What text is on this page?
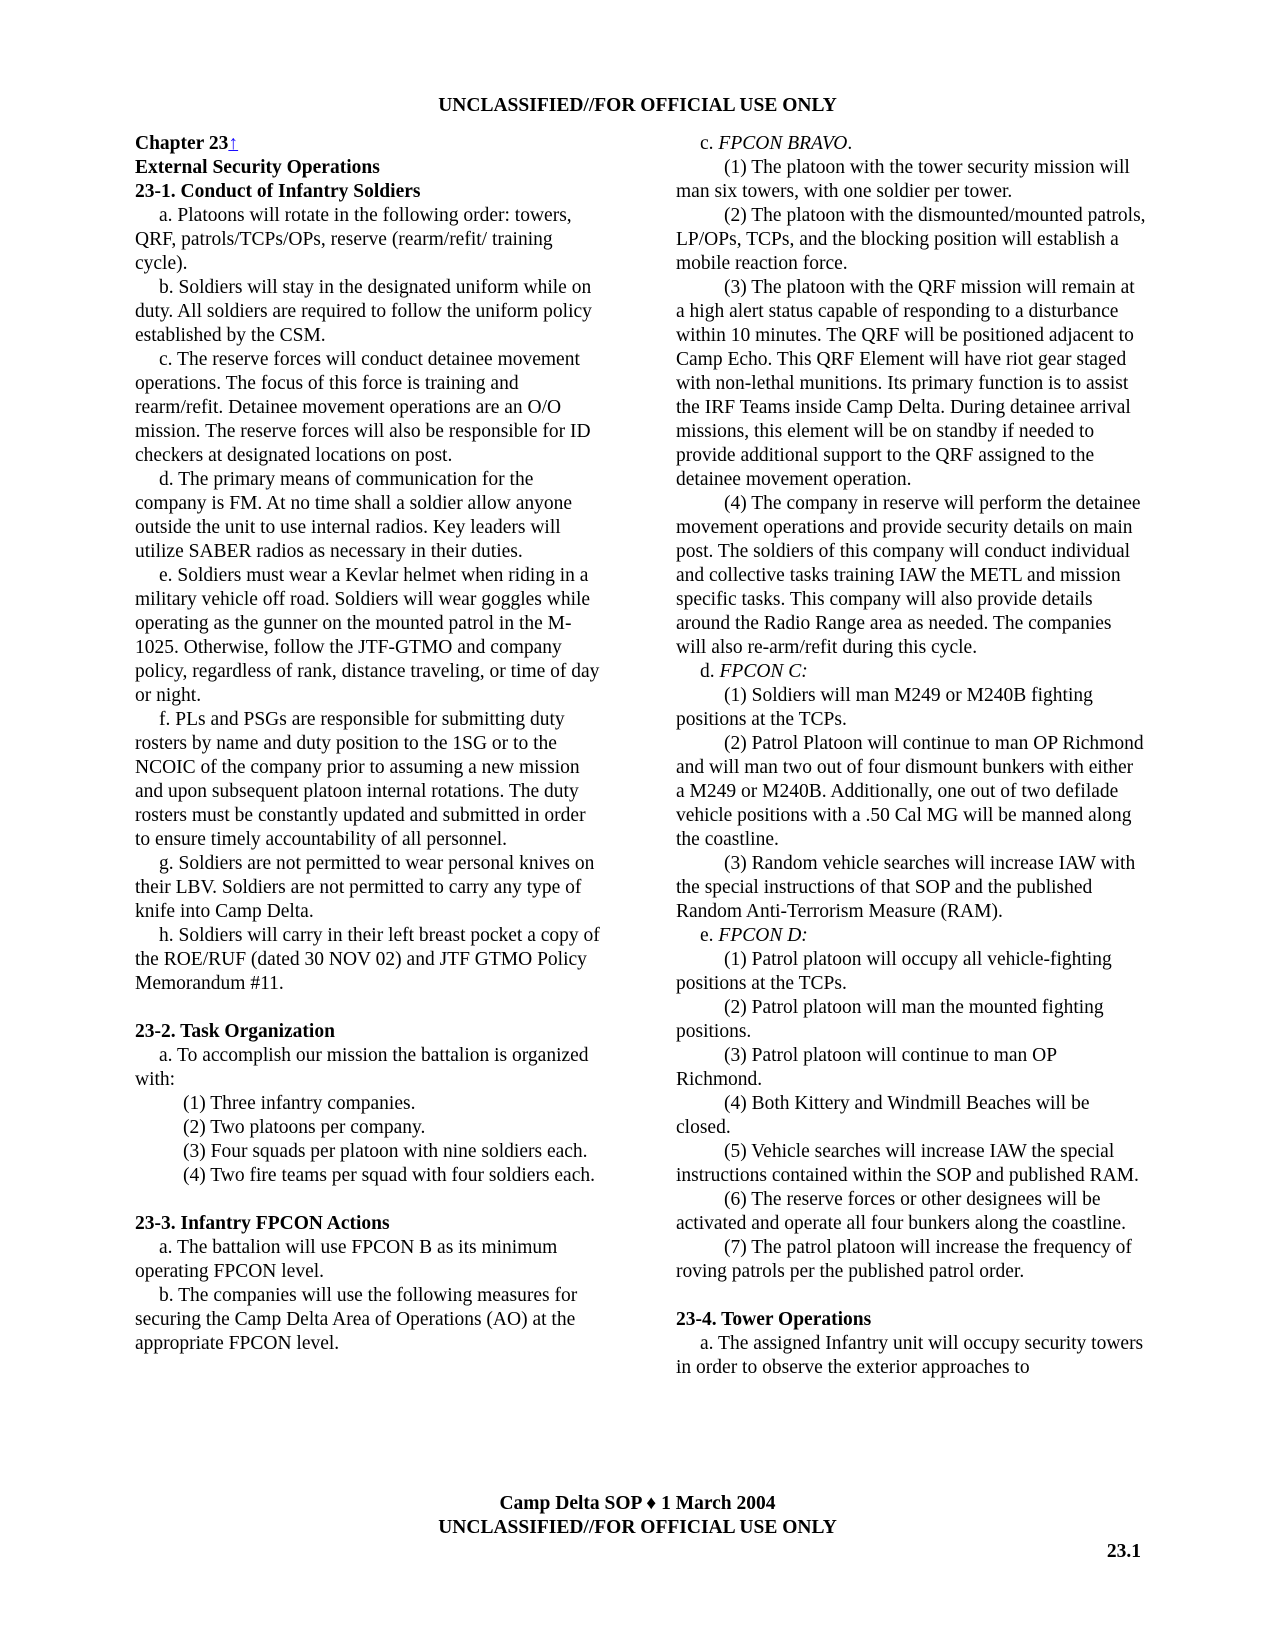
UNCLASSIFIED//FOR OFFICIAL USE ONLY
Chapter 23↑
External Security Operations
23-1. Conduct of Infantry Soldiers

a. Platoons will rotate in the following order: towers, QRF, patrols/TCPs/OPs, reserve (rearm/refit/ training cycle).

b. Soldiers will stay in the designated uniform while on duty. All soldiers are required to follow the uniform policy established by the CSM.

c. The reserve forces will conduct detainee movement operations. The focus of this force is training and rearm/refit. Detainee movement operations are an O/O mission. The reserve forces will also be responsible for ID checkers at designated locations on post.

d. The primary means of communication for the company is FM. At no time shall a soldier allow anyone outside the unit to use internal radios. Key leaders will utilize SABER radios as necessary in their duties.

e. Soldiers must wear a Kevlar helmet when riding in a military vehicle off road. Soldiers will wear goggles while operating as the gunner on the mounted patrol in the M-1025. Otherwise, follow the JTF-GTMO and company policy, regardless of rank, distance traveling, or time of day or night.

f. PLs and PSGs are responsible for submitting duty rosters by name and duty position to the 1SG or to the NCOIC of the company prior to assuming a new mission and upon subsequent platoon internal rotations. The duty rosters must be constantly updated and submitted in order to ensure timely accountability of all personnel.

g. Soldiers are not permitted to wear personal knives on their LBV. Soldiers are not permitted to carry any type of knife into Camp Delta.

h. Soldiers will carry in their left breast pocket a copy of the ROE/RUF (dated 30 NOV 02) and JTF GTMO Policy Memorandum #11.

23-2. Task Organization

a. To accomplish our mission the battalion is organized with:

(1) Three infantry companies.

(2) Two platoons per company.

(3) Four squads per platoon with nine soldiers each.

(4) Two fire teams per squad with four soldiers each.

23-3. Infantry FPCON Actions

a. The battalion will use FPCON B as its minimum operating FPCON level.

b. The companies will use the following measures for securing the Camp Delta Area of Operations (AO) at the appropriate FPCON level.

c. FPCON BRAVO.

(1) The platoon with the tower security mission will man six towers, with one soldier per tower.

(2) The platoon with the dismounted/mounted patrols, LP/OPs, TCPs, and the blocking position will establish a mobile reaction force.

(3) The platoon with the QRF mission will remain at a high alert status capable of responding to a disturbance within 10 minutes. The QRF will be positioned adjacent to Camp Echo. This QRF Element will have riot gear staged with non-lethal munitions. Its primary function is to assist the IRF Teams inside Camp Delta. During detainee arrival missions, this element will be on standby if needed to provide additional support to the QRF assigned to the detainee movement operation.

(4) The company in reserve will perform the detainee movement operations and provide security details on main post. The soldiers of this company will conduct individual and collective tasks training IAW the METL and mission specific tasks. This company will also provide details around the Radio Range area as needed. The companies will also re-arm/refit during this cycle.

d. FPCON C:

(1) Soldiers will man M249 or M240B fighting positions at the TCPs.

(2) Patrol Platoon will continue to man OP Richmond and will man two out of four dismount bunkers with either a M249 or M240B. Additionally, one out of two defilade vehicle positions with a .50 Cal MG will be manned along the coastline.

(3) Random vehicle searches will increase IAW with the special instructions of that SOP and the published Random Anti-Terrorism Measure (RAM).

e. FPCON D:

(1) Patrol platoon will occupy all vehicle-fighting positions at the TCPs.

(2) Patrol platoon will man the mounted fighting positions.

(3) Patrol platoon will continue to man OP Richmond.

(4) Both Kittery and Windmill Beaches will be closed.

(5) Vehicle searches will increase IAW the special instructions contained within the SOP and published RAM.

(6) The reserve forces or other designees will be activated and operate all four bunkers along the coastline.

(7) The patrol platoon will increase the frequency of roving patrols per the published patrol order.

23-4. Tower Operations

a. The assigned Infantry unit will occupy security towers in order to observe the exterior approaches to

Camp Delta SOP ♦ 1 March 2004
UNCLASSIFIED//FOR OFFICIAL USE ONLY
23.1
